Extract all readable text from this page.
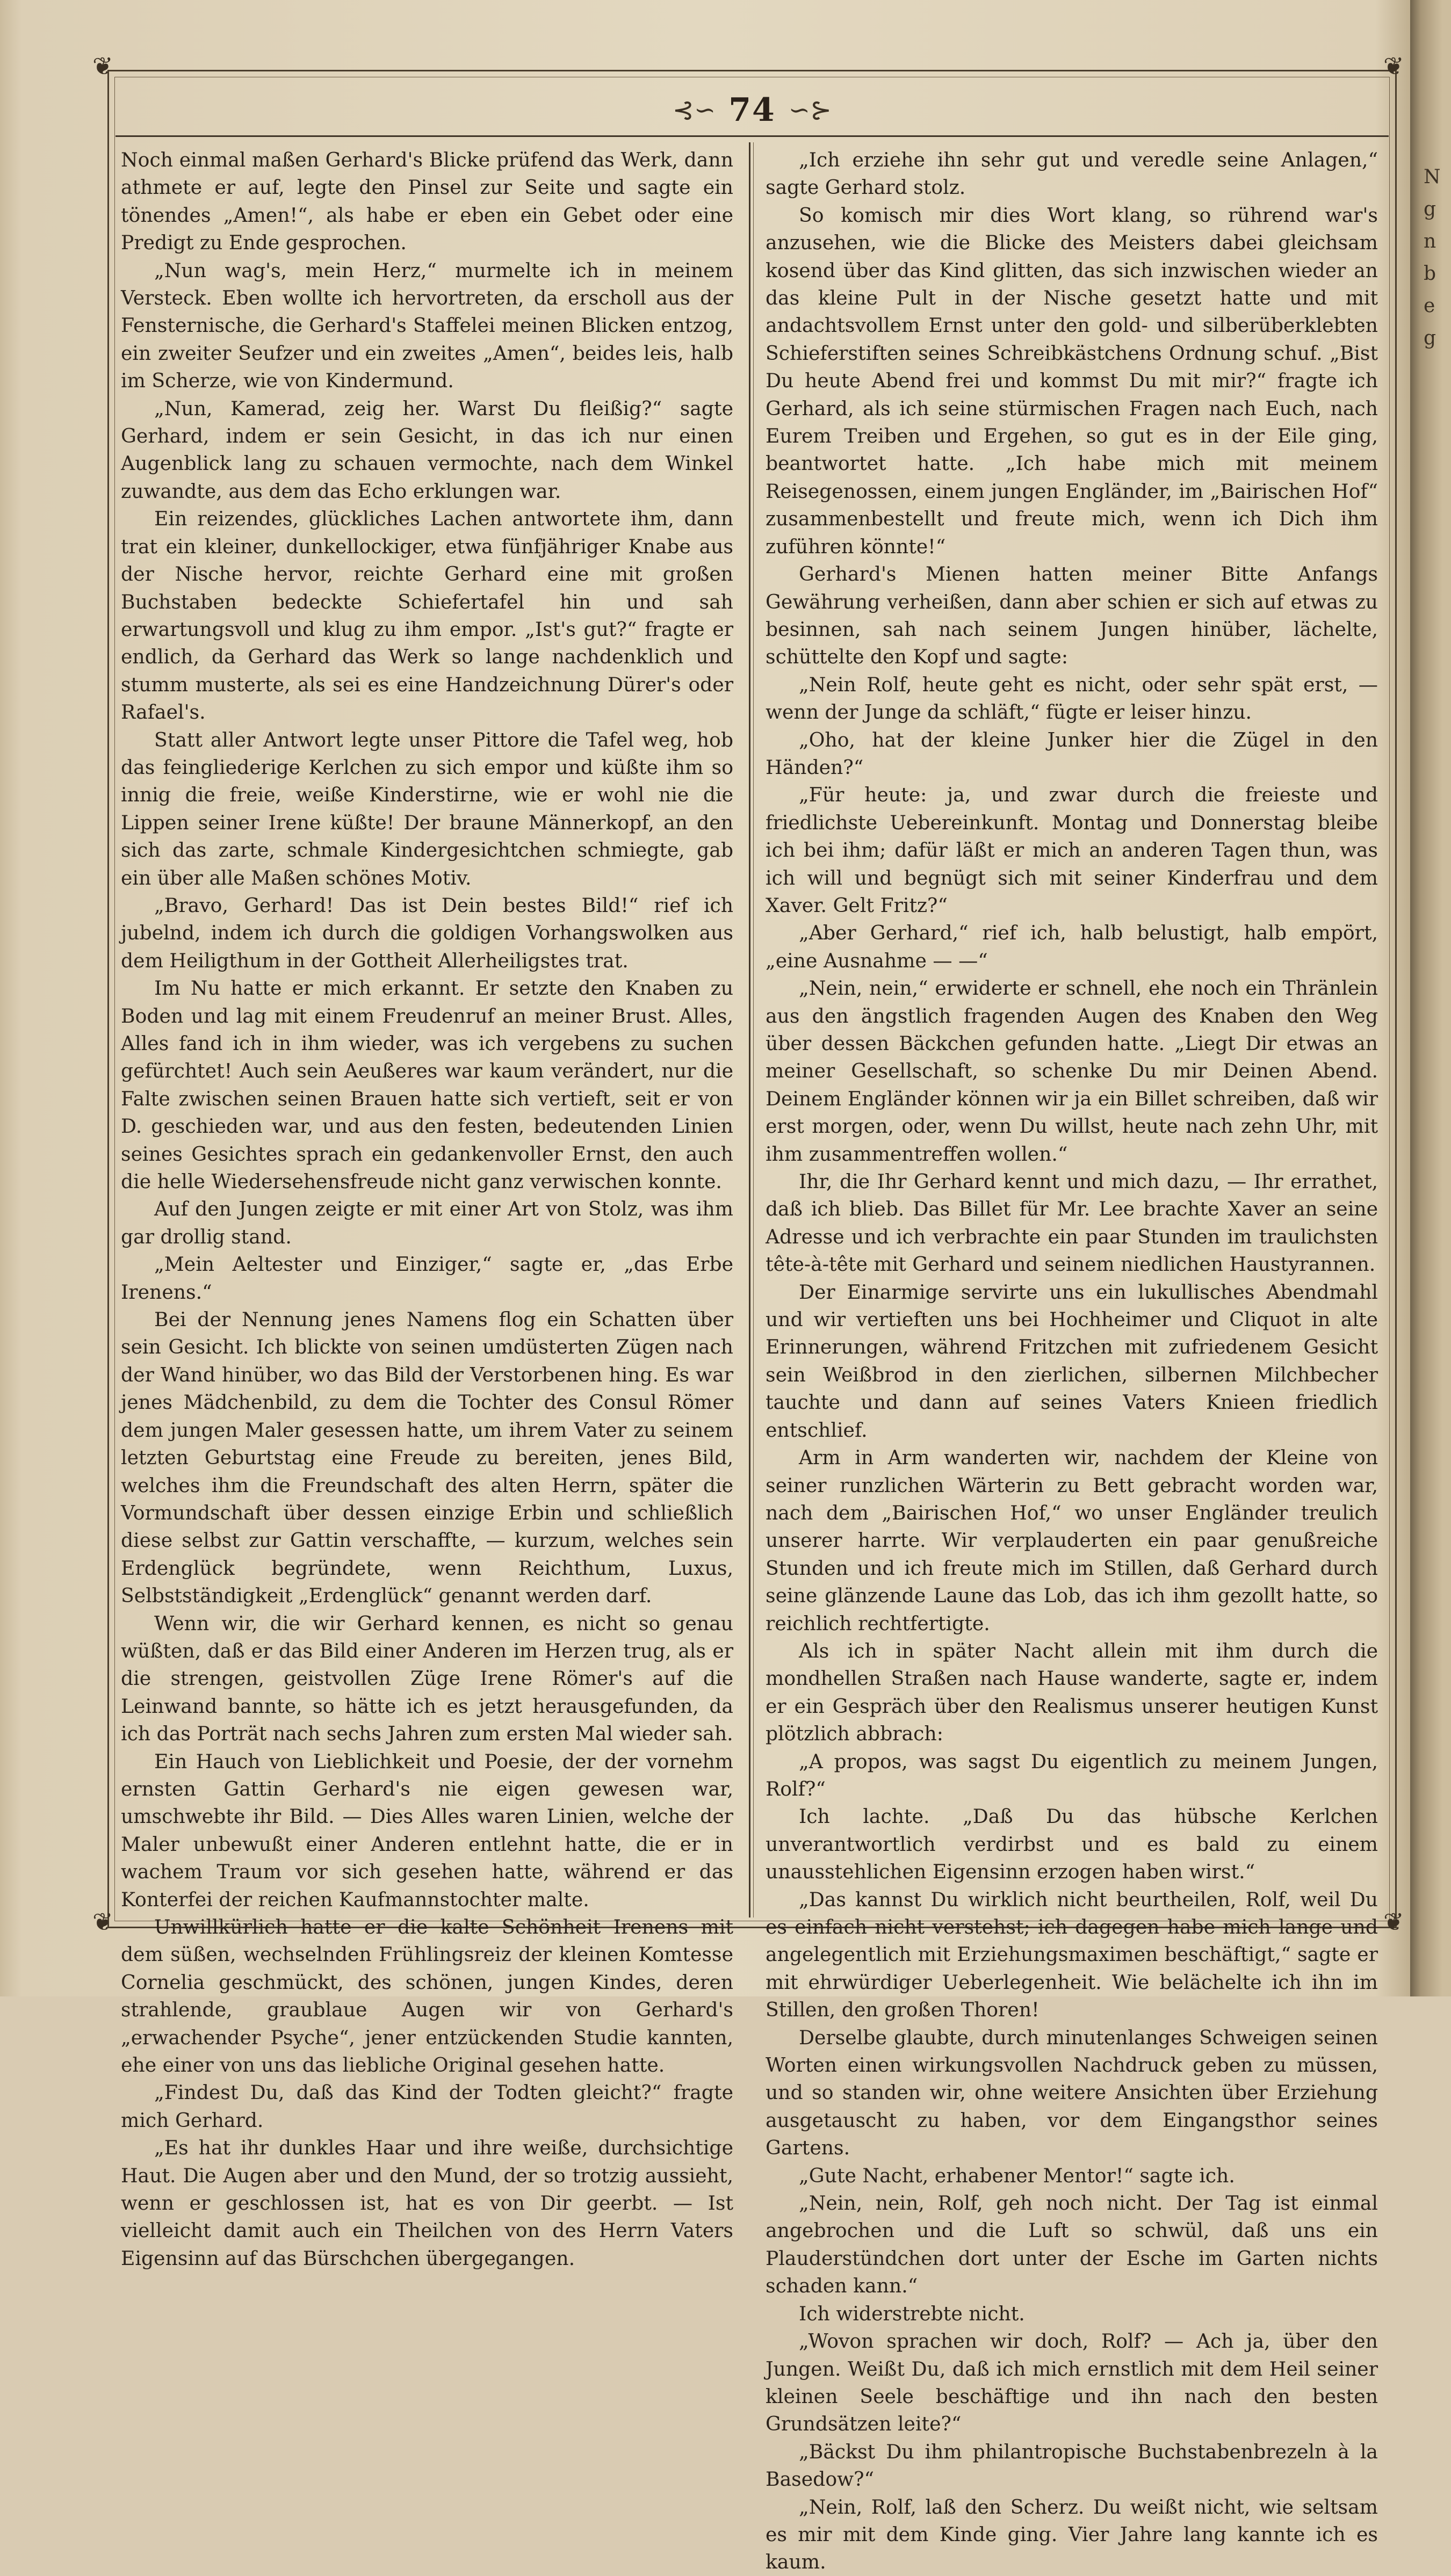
Ngnbeg
❦	❦
❦	❦
⊰∽ 74 ∽⊱

Noch einmal maßen Gerhard's Blicke prüfend das Werk, dann athmete er auf, legte den Pinsel zur Seite und sagte ein tönendes „Amen!“, als habe er eben ein Gebet oder eine Predigt zu Ende gesprochen.

„Nun wag's, mein Herz,“ murmelte ich in meinem Versteck. Eben wollte ich hervortreten, da erscholl aus der Fensternische, die Gerhard's Staffelei meinen Blicken entzog, ein zweiter Seufzer und ein zweites „Amen“, beides leis, halb im Scherze, wie von Kindermund.

„Nun, Kamerad, zeig her. Warst Du fleißig?“ sagte Gerhard, indem er sein Gesicht, in das ich nur einen Augenblick lang zu schauen vermochte, nach dem Winkel zuwandte, aus dem das Echo erklungen war.

Ein reizendes, glückliches Lachen antwortete ihm, dann trat ein kleiner, dunkellockiger, etwa fünfjähriger Knabe aus der Nische hervor, reichte Gerhard eine mit großen Buchstaben bedeckte Schiefertafel hin und sah erwartungsvoll und klug zu ihm empor. „Ist's gut?“ fragte er endlich, da Gerhard das Werk so lange nachdenklich und stumm musterte, als sei es eine Handzeichnung Dürer's oder Rafael's.

Statt aller Antwort legte unser Pittore die Tafel weg, hob das feingliederige Kerlchen zu sich empor und küßte ihm so innig die freie, weiße Kinderstirne, wie er wohl nie die Lippen seiner Irene küßte! Der braune Männerkopf, an den sich das zarte, schmale Kindergesichtchen schmiegte, gab ein über alle Maßen schönes Motiv.

„Bravo, Gerhard! Das ist Dein bestes Bild!“ rief ich jubelnd, indem ich durch die goldigen Vorhangswolken aus dem Heiligthum in der Gottheit Allerheiligstes trat.

Im Nu hatte er mich erkannt. Er setzte den Knaben zu Boden und lag mit einem Freudenruf an meiner Brust. Alles, Alles fand ich in ihm wieder, was ich vergebens zu suchen gefürchtet! Auch sein Aeußeres war kaum verändert, nur die Falte zwischen seinen Brauen hatte sich vertieft, seit er von D. geschieden war, und aus den festen, bedeutenden Linien seines Gesichtes sprach ein gedankenvoller Ernst, den auch die helle Wiedersehensfreude nicht ganz verwischen konnte.

Auf den Jungen zeigte er mit einer Art von Stolz, was ihm gar drollig stand.

„Mein Aeltester und Einziger,“ sagte er, „das Erbe Irenens.“

Bei der Nennung jenes Namens flog ein Schatten über sein Gesicht. Ich blickte von seinen umdüsterten Zügen nach der Wand hinüber, wo das Bild der Verstorbenen hing. Es war jenes Mädchenbild, zu dem die Tochter des Consul Römer dem jungen Maler gesessen hatte, um ihrem Vater zu seinem letzten Geburtstag eine Freude zu bereiten, jenes Bild, welches ihm die Freundschaft des alten Herrn, später die Vormundschaft über dessen einzige Erbin und schließlich diese selbst zur Gattin verschaffte, — kurzum, welches sein Erdenglück begründete, wenn Reichthum, Luxus, Selbstständigkeit „Erdenglück“ genannt werden darf.

Wenn wir, die wir Gerhard kennen, es nicht so genau wüßten, daß er das Bild einer Anderen im Herzen trug, als er die strengen, geistvollen Züge Irene Römer's auf die Leinwand bannte, so hätte ich es jetzt herausgefunden, da ich das Porträt nach sechs Jahren zum ersten Mal wieder sah.

Ein Hauch von Lieblichkeit und Poesie, der der vornehm ernsten Gattin Gerhard's nie eigen gewesen war, umschwebte ihr Bild. — Dies Alles waren Linien, welche der Maler unbewußt einer Anderen entlehnt hatte, die er in wachem Traum vor sich gesehen hatte, während er das Konterfei der reichen Kaufmannstochter malte.

Unwillkürlich hatte er die kalte Schönheit Irenens mit dem süßen, wechselnden Frühlingsreiz der kleinen Komtesse Cornelia geschmückt, des schönen, jungen Kindes, deren strahlende, graublaue Augen wir von Gerhard's „erwachender Psyche“, jener entzückenden Studie kannten, ehe einer von uns das liebliche Original gesehen hatte.

„Findest Du, daß das Kind der Todten gleicht?“ fragte mich Gerhard.

„Es hat ihr dunkles Haar und ihre weiße, durchsichtige Haut. Die Augen aber und den Mund, der so trotzig aussieht, wenn er geschlossen ist, hat es von Dir geerbt. — Ist vielleicht damit auch ein Theilchen von des Herrn Vaters Eigensinn auf das Bürschchen übergegangen.

„Ich erziehe ihn sehr gut und veredle seine Anlagen,“ sagte Gerhard stolz.

So komisch mir dies Wort klang, so rührend war's anzusehen, wie die Blicke des Meisters dabei gleichsam kosend über das Kind glitten, das sich inzwischen wieder an das kleine Pult in der Nische gesetzt hatte und mit andachtsvollem Ernst unter den gold- und silberüberklebten Schieferstiften seines Schreibkästchens Ordnung schuf. „Bist Du heute Abend frei und kommst Du mit mir?“ fragte ich Gerhard, als ich seine stürmischen Fragen nach Euch, nach Eurem Treiben und Ergehen, so gut es in der Eile ging, beantwortet hatte. „Ich habe mich mit meinem Reisegenossen, einem jungen Engländer, im „Bairischen Hof“ zusammenbestellt und freute mich, wenn ich Dich ihm zuführen könnte!“

Gerhard's Mienen hatten meiner Bitte Anfangs Gewährung verheißen, dann aber schien er sich auf etwas zu besinnen, sah nach seinem Jungen hinüber, lächelte, schüttelte den Kopf und sagte:

„Nein Rolf, heute geht es nicht, oder sehr spät erst, — wenn der Junge da schläft,“ fügte er leiser hinzu.

„Oho, hat der kleine Junker hier die Zügel in den Händen?“

„Für heute: ja, und zwar durch die freieste und friedlichste Uebereinkunft. Montag und Donnerstag bleibe ich bei ihm; dafür läßt er mich an anderen Tagen thun, was ich will und begnügt sich mit seiner Kinderfrau und dem Xaver. Gelt Fritz?“

„Aber Gerhard,“ rief ich, halb belustigt, halb empört, „eine Ausnahme — —“

„Nein, nein,“ erwiderte er schnell, ehe noch ein Thränlein aus den ängstlich fragenden Augen des Knaben den Weg über dessen Bäckchen gefunden hatte. „Liegt Dir etwas an meiner Gesellschaft, so schenke Du mir Deinen Abend. Deinem Engländer können wir ja ein Billet schreiben, daß wir erst morgen, oder, wenn Du willst, heute nach zehn Uhr, mit ihm zusammentreffen wollen.“

Ihr, die Ihr Gerhard kennt und mich dazu, — Ihr errathet, daß ich blieb. Das Billet für Mr. Lee brachte Xaver an seine Adresse und ich verbrachte ein paar Stunden im traulichsten tête-à-tête mit Gerhard und seinem niedlichen Haustyrannen.

Der Einarmige servirte uns ein lukullisches Abendmahl und wir vertieften uns bei Hochheimer und Cliquot in alte Erinnerungen, während Fritzchen mit zufriedenem Gesicht sein Weißbrod in den zierlichen, silbernen Milchbecher tauchte und dann auf seines Vaters Knieen friedlich entschlief.

Arm in Arm wanderten wir, nachdem der Kleine von seiner runzlichen Wärterin zu Bett gebracht worden war, nach dem „Bairischen Hof,“ wo unser Engländer treulich unserer harrte. Wir verplauderten ein paar genußreiche Stunden und ich freute mich im Stillen, daß Gerhard durch seine glänzende Laune das Lob, das ich ihm gezollt hatte, so reichlich rechtfertigte.

Als ich in später Nacht allein mit ihm durch die mondhellen Straßen nach Hause wanderte, sagte er, indem er ein Gespräch über den Realismus unserer heutigen Kunst plötzlich abbrach:

„A propos, was sagst Du eigentlich zu meinem Jungen, Rolf?“

Ich lachte. „Daß Du das hübsche Kerlchen unverantwortlich verdirbst und es bald zu einem unausstehlichen Eigensinn erzogen haben wirst.“

„Das kannst Du wirklich nicht beurtheilen, Rolf, weil Du es einfach nicht verstehst; ich dagegen habe mich lange und angelegentlich mit Erziehungsmaximen beschäftigt,“ sagte er mit ehrwürdiger Ueberlegenheit. Wie belächelte ich ihn im Stillen, den großen Thoren!

Derselbe glaubte, durch minutenlanges Schweigen seinen Worten einen wirkungsvollen Nachdruck geben zu müssen, und so standen wir, ohne weitere Ansichten über Erziehung ausgetauscht zu haben, vor dem Eingangsthor seines Gartens.

„Gute Nacht, erhabener Mentor!“ sagte ich.

„Nein, nein, Rolf, geh noch nicht. Der Tag ist einmal angebrochen und die Luft so schwül, daß uns ein Plauderstündchen dort unter der Esche im Garten nichts schaden kann.“

Ich widerstrebte nicht.

„Wovon sprachen wir doch, Rolf? — Ach ja, über den Jungen. Weißt Du, daß ich mich ernstlich mit dem Heil seiner kleinen Seele beschäftige und ihn nach den besten Grundsätzen leite?“

„Bäckst Du ihm philantropische Buchstabenbrezeln à la Basedow?“

„Nein, Rolf, laß den Scherz. Du weißt nicht, wie seltsam es mir mit dem Kinde ging. Vier Jahre lang kannte ich es kaum.
